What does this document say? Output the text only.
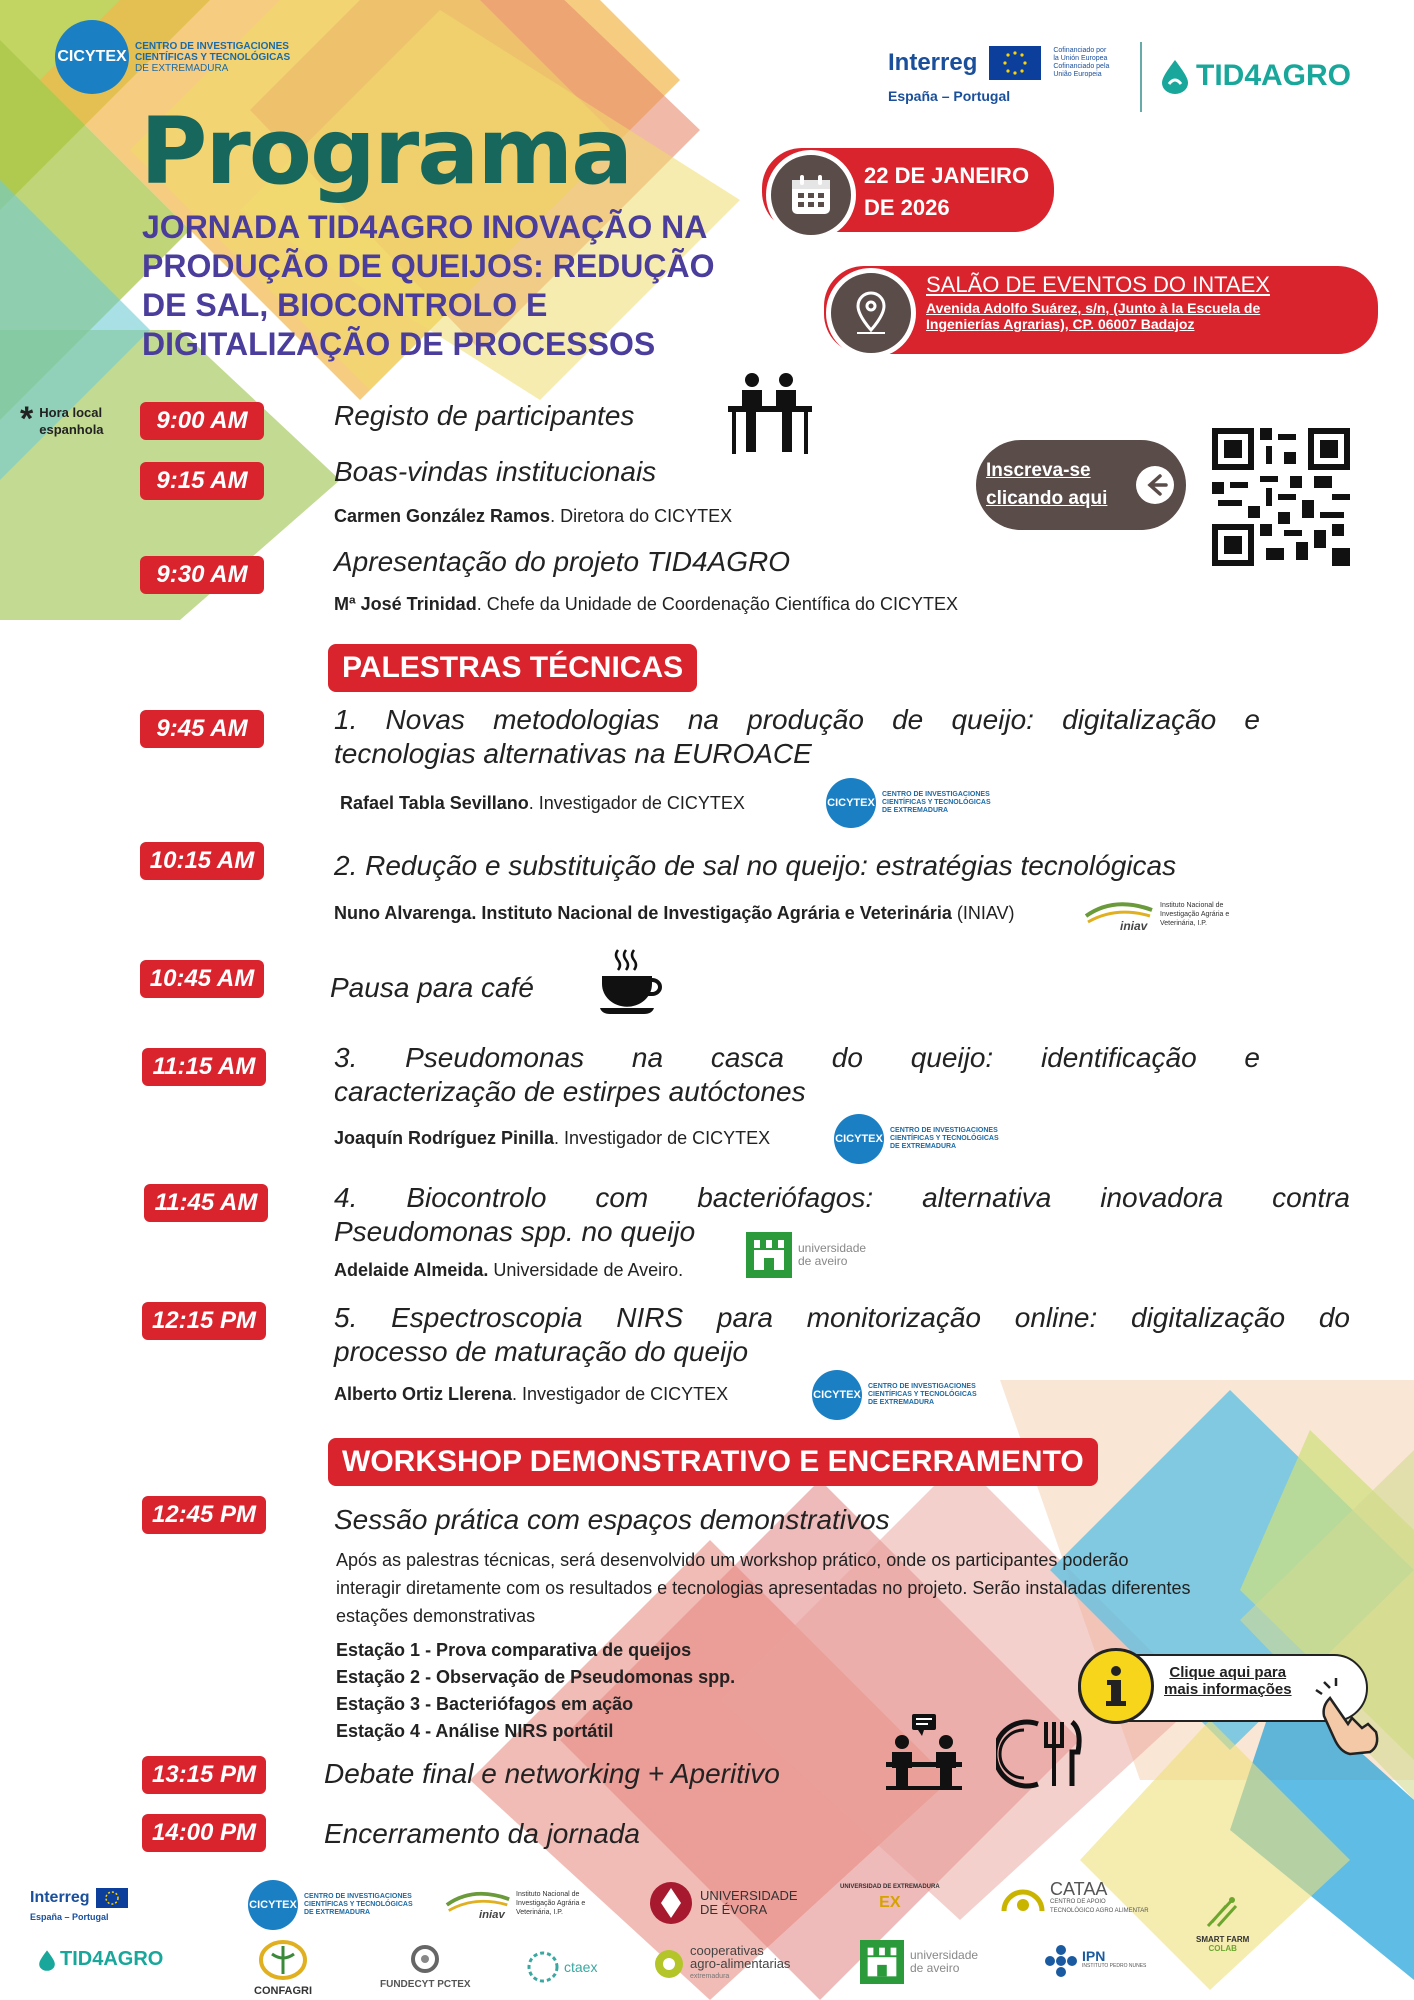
CICYTEX
CENTRO DE INVESTIGACIONES
CIENTÍFICAS Y TECNOLÓGICAS
DE EXTREMADURA	Interreg	Cofinanciado por la Unión Europea
Cofinanciado pela União Europeia
España – Portugal
TID4AGRO
Programa
JORNADA TID4AGRO INOVAÇÃO NA
PRODUÇÃO DE QUEIJOS: REDUÇÃO
DE SAL, BIOCONTROLO E
DIGITALIZAÇÃO DE PROCESSOS
22 DE JANEIRO
DE 2026
SALÃO DE EVENTOS DO INTAEX
Avenida Adolfo Suárez, s/n, (Junto à la Escuela de
Ingenierías Agrarias), CP. 06007 Badajoz
* Hora local
espanhola	9:00 AM	Registo de participantes
9:15 AM	Boas-vindas institucionais
Carmen González Ramos. Diretora do CICYTEX
9:30 AM	Apresentação do projeto TID4AGRO
Mª José Trinidad. Chefe da Unidade de Coordenação Científica do CICYTEX
Inscreva-se
clicando aqui
PALESTRAS TÉCNICAS
9:45 AM	1. Novas metodologias na produção de queijo: digitalização e
tecnologias alternativas na EUROACE
Rafael Tabla Sevillano. Investigador de CICYTEX	CICYTEX
CENTRO DE INVESTIGACIONES
CIENTÍFICAS Y TECNOLÓGICAS
DE EXTREMADURA
10:15 AM	2. Redução e substituição de sal no queijo: estratégias tecnológicas
Nuno Alvarenga. Instituto Nacional de Investigação Agrária e Veterinária (INIAV)
iniav
Instituto Nacional de
Investigação Agrária e
Veterinária, I.P.
10:45 AM	Pausa para café
11:15 AM	3. Pseudomonas na casca do queijo: identificação e
caracterização de estirpes autóctones
Joaquín Rodríguez Pinilla. Investigador de CICYTEX	CICYTEX
CENTRO DE INVESTIGACIONES
CIENTÍFICAS Y TECNOLÓGICAS
DE EXTREMADURA
11:45 AM	4. Biocontrolo com bacteriófagos: alternativa inovadora contra
Pseudomonas spp. no queijo
Adelaide Almeida. Universidade de Aveiro.
universidade
de aveiro
12:15 PM	5. Espectroscopia NIRS para monitorização online: digitalização do
processo de maturação do queijo
Alberto Ortiz Llerena. Investigador de CICYTEX	CICYTEX
CENTRO DE INVESTIGACIONES
CIENTÍFICAS Y TECNOLÓGICAS
DE EXTREMADURA
WORKSHOP DEMONSTRATIVO E ENCERRAMENTO
12:45 PM	Sessão prática com espaços demonstrativos
Após as palestras técnicas, será desenvolvido um workshop prático, onde os participantes poderão
interagir diretamente com os resultados e tecnologias apresentadas no projeto. Serão instaladas diferentes
estações demonstrativas
Estação 1 - Prova comparativa de queijos
Estação 2 - Observação de Pseudomonas spp.
Estação 3 - Bacteriófagos em ação
Estação 4 - Análise NIRS portátil
Clique aqui para
mais informações
13:15 PM	Debate final e networking + Aperitivo
14:00 PM	Encerramento da jornada
Interreg
España – Portugal
TID4AGRO
CICYTEX
CENTRO DE INVESTIGACIONES
CIENTÍFICAS Y TECNOLÓGICAS
DE EXTREMADURA	iniav
Instituto Nacional de
Investigação Agrária e
Veterinária, I.P.
UNIVERSIDADE
DE ÉVORA
UNIVERSIDAD DE EXTREMADURA
EX
CATAA
CENTRO DE APOIO
TECNOLÓGICO AGRO ALIMENTAR
SMART FARM
COLAB
CONFAGRI
FUNDECYT PCTEX
ctaex
cooperativas
agro-alimentarias
extremadura
universidade
de aveiro
IPN
INSTITUTO PEDRO NUNES
